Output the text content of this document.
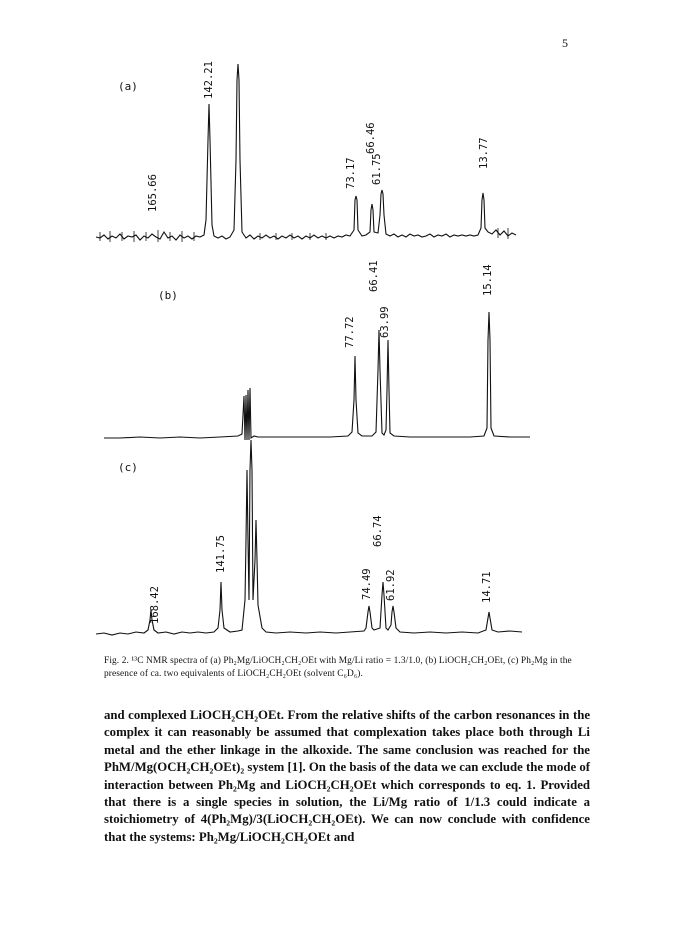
5
(a)
165.66
142.21
73.17
66.46
61.75
13.77
(b)
77.72
66.41
63.99
15.14
(c)
168.42
141.75
74.49
66.74
61.92	14.71
Fig. 2. ¹³C NMR spectra of (a) Ph₂Mg/LiOCH₂CH₂OEt with Mg/Li ratio = 1.3/1.0, (b) LiOCH₂CH₂OEt, (c) Ph₂Mg in the presence of ca. two equivalents of LiOCH₂CH₂OEt (solvent C₆D₆).

and complexed LiOCH₂CH₂OEt. From the relative shifts of the carbon resonances in the complex it can reasonably be assumed that complexation takes place both through Li metal and the ether linkage in the alkoxide. The same conclusion was reached for the PhM/Mg(OCH₂CH₂OEt)₂ system [1]. On the basis of the data we can exclude the mode of interaction between Ph₂Mg and LiOCH₂CH₂OEt which corresponds to eq. 1. Provided that there is a single species in solution, the Li/Mg ratio of 1/1.3 could indicate a stoichiometry of 4(Ph₂Mg)/3(LiOCH₂CH₂OEt). We can now conclude with confidence that the systems: Ph₂Mg/LiOCH₂CH₂OEt and
